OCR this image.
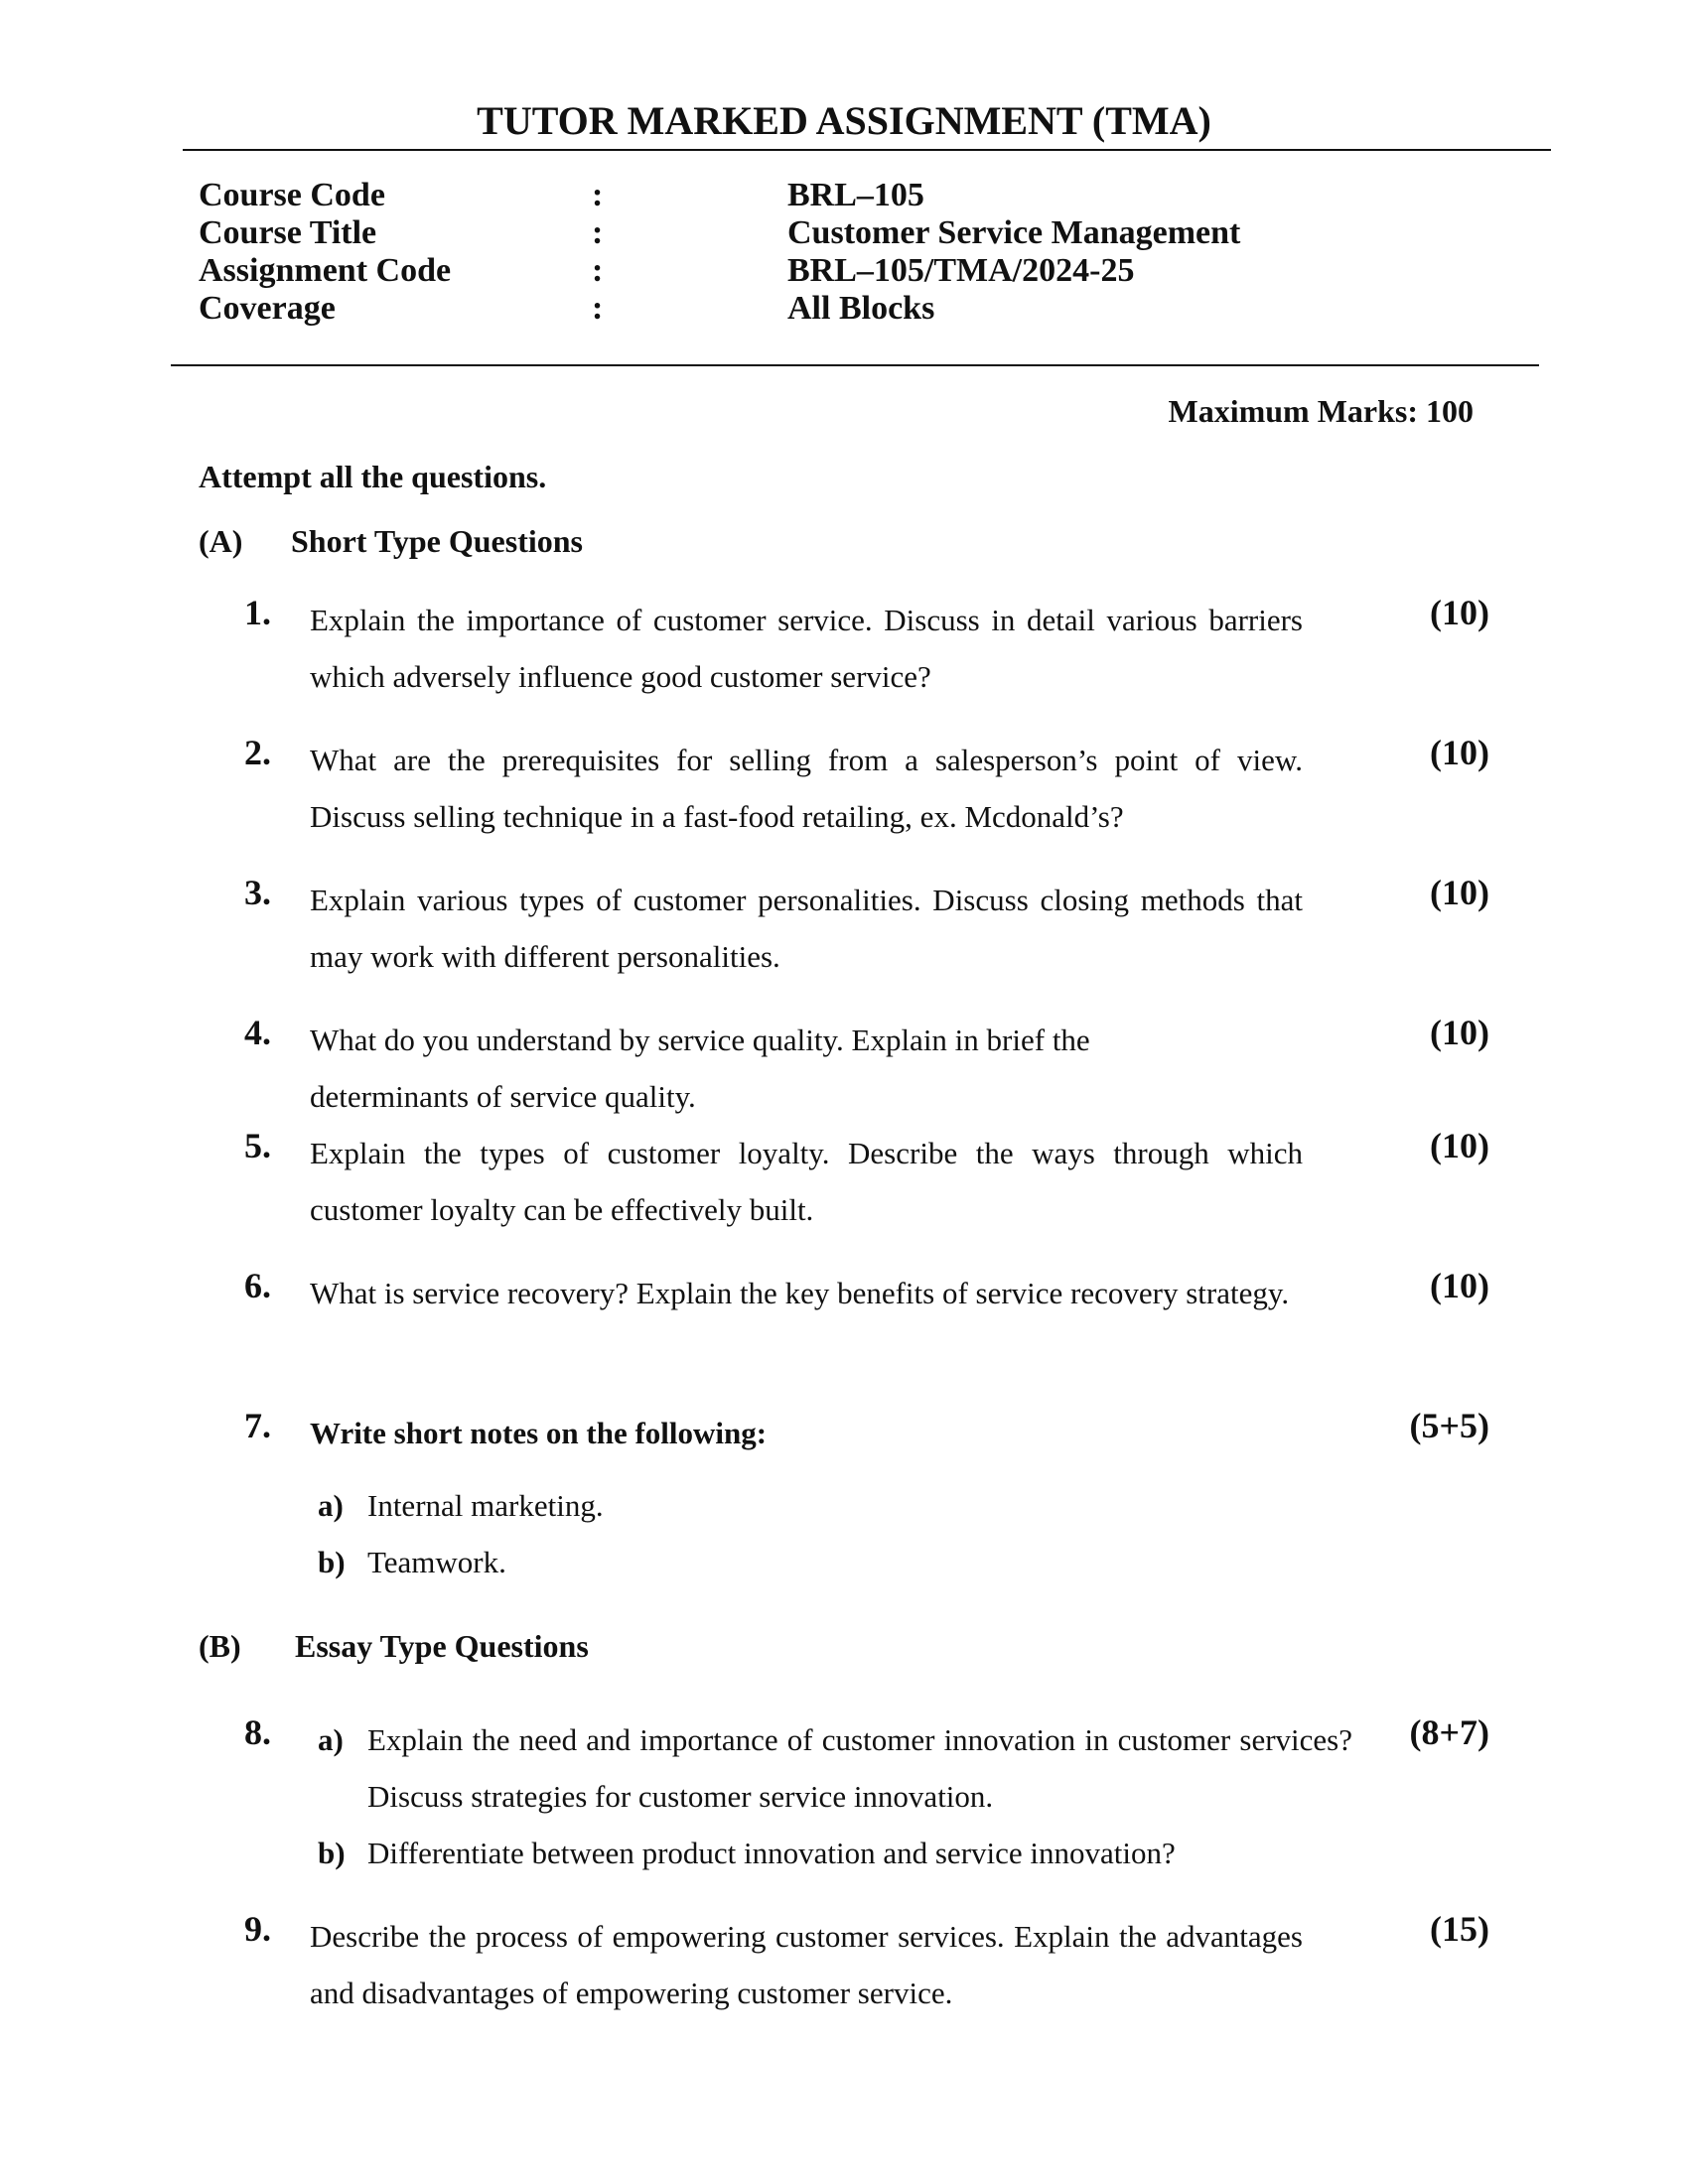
TUTOR MARKED ASSIGNMENT (TMA)
Course Code	:	BRL–105
Course Title	:	Customer Service Management
Assignment Code	:	BRL–105/TMA/2024-25
Coverage	:	All Blocks
Maximum Marks: 100
Attempt all the questions.
(A) Short Type Questions
1. Explain the importance of customer service. Discuss in detail various barriers which adversely influence good customer service?
(10)
2. What are the prerequisites for selling from a salesperson’s point of view. Discuss selling technique in a fast-food retailing, ex. Mcdonald’s?
(10)
3. Explain various types of customer personalities. Discuss closing methods that may work with different personalities.
(10)
4. What do you understand by service quality. Explain in brief the determinants of service quality.
(10)
5. Explain the types of customer loyalty. Describe the ways through which customer loyalty can be effectively built.
(10)
6. What is service recovery? Explain the key benefits of service recovery strategy.	(10)
7. Write short notes on the following:	(5+5)
a) Internal marketing.
b) Teamwork.
(B) Essay Type Questions
8.	(8+7)
a) Explain the need and importance of customer innovation in customer services? Discuss strategies for customer service innovation.
b) Differentiate between product innovation and service innovation?
9. Describe the process of empowering customer services. Explain the advantages and disadvantages of empowering customer service.
(15)
